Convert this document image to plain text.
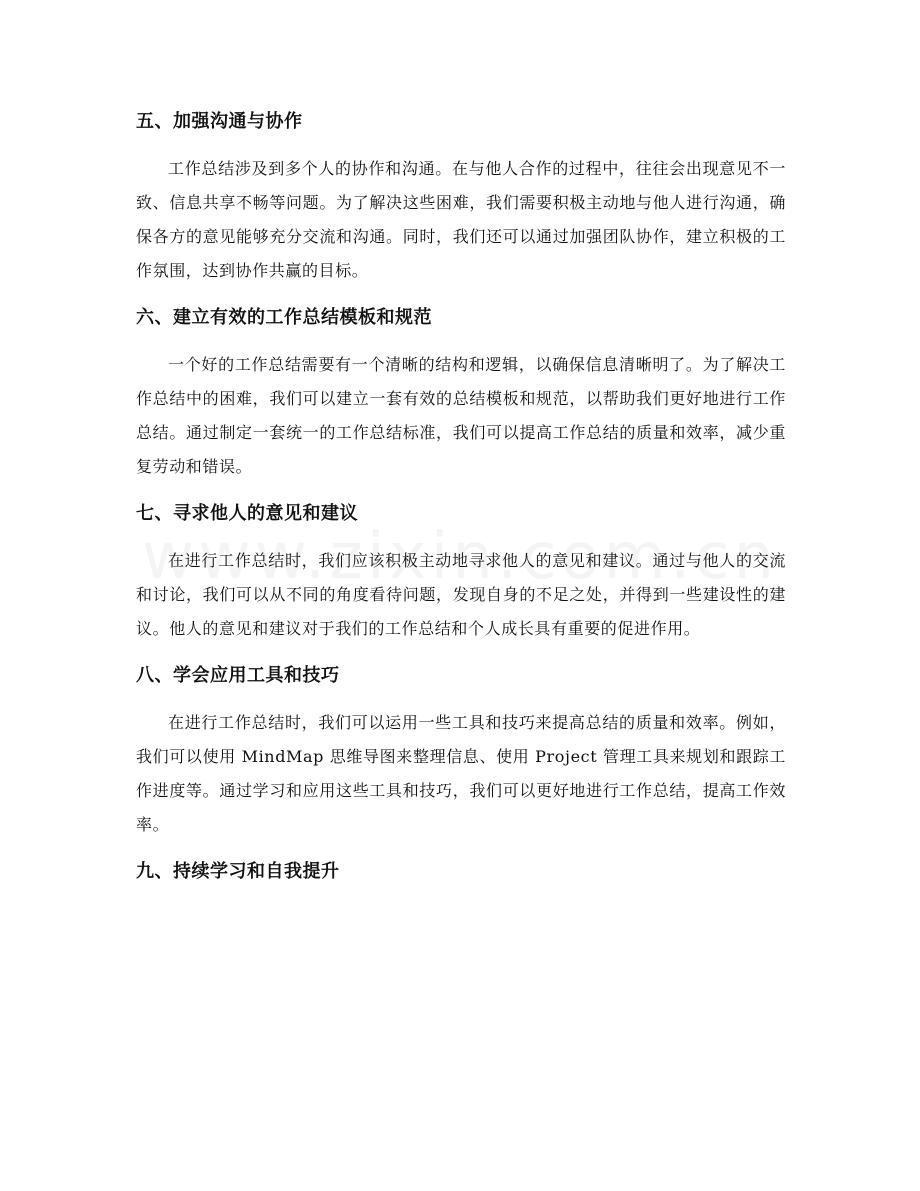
五、加强沟通与协作

工作总结涉及到多个人的协作和沟通。在与他人合作的过程中，往往会出现意见不一致、信息共享不畅等问题。为了解决这些困难，我们需要积极主动地与他人进行沟通，确保各方的意见能够充分交流和沟通。同时，我们还可以通过加强团队协作，建立积极的工作氛围，达到协作共赢的目标。

六、建立有效的工作总结模板和规范

一个好的工作总结需要有一个清晰的结构和逻辑，以确保信息清晰明了。为了解决工作总结中的困难，我们可以建立一套有效的总结模板和规范，以帮助我们更好地进行工作总结。通过制定一套统一的工作总结标准，我们可以提高工作总结的质量和效率，减少重复劳动和错误。

七、寻求他人的意见和建议

在进行工作总结时，我们应该积极主动地寻求他人的意见和建议。通过与他人的交流和讨论，我们可以从不同的角度看待问题，发现自身的不足之处，并得到一些建设性的建议。他人的意见和建议对于我们的工作总结和个人成长具有重要的促进作用。

八、学会应用工具和技巧

在进行工作总结时，我们可以运用一些工具和技巧来提高总结的质量和效率。例如，我们可以使用 MindMap 思维导图来整理信息、使用 Project 管理工具来规划和跟踪工作进度等。通过学习和应用这些工具和技巧，我们可以更好地进行工作总结，提高工作效率。

九、持续学习和自我提升
